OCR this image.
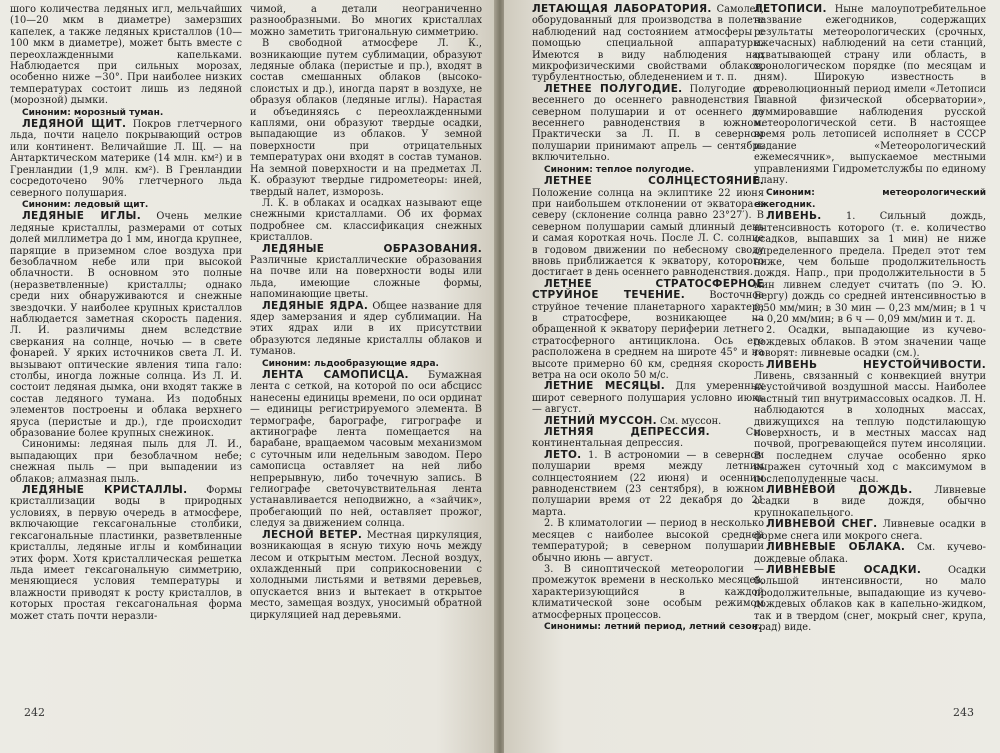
шого количества ледяных игл, мельчайших (10—20 мкм в диаметре) замерзших капелек, а также ледяных кристаллов (10—100 мкм в диаметре), может быть вместе с переохлажденными капельками. Наблюдается при сильных морозах, особенно ниже −30°. При наиболее низких температурах состоит лишь из ледяной (морозной) дымки.

Синоним: морозный туман.

ЛЕДЯНОЙ ЩИТ. Покров глетчерного льда, почти нацело покрывающий остров или континент. Величайшие Л. Щ. — на Антарктическом материке (14 млн. км²) и в Гренландии (1,9 млн. км²). В Гренландии сосредоточено 90% глетчерного льда северного полушария.

Синоним: ледовый щит.

ЛЕДЯНЫЕ ИГЛЫ. Очень мелкие ледяные кристаллы, размерами от сотых долей миллиметра до 1 мм, иногда крупнее, парящие в приземном слое воздуха при безоблачном небе или при высокой облачности. В основном это полные (неразветвленные) кристаллы; однако среди них обнаруживаются и снежные звездочки. У наиболее крупных кристаллов наблюдается заметная скорость падения. Л. И. различимы днем вследствие сверкания на солнце, ночью — в свете фонарей. У ярких источников света Л. И. вызывают оптические явления типа гало: столбы, иногда ложные солнца. Из Л. И. состоит ледяная дымка, они входят также в состав ледяного тумана. Из подобных элементов построены и облака верхнего яруса (перистые и др.), где происходит образование более крупных снежинок.

Синонимы: ледяная пыль для Л. И., выпадающих при безоблачном небе; снежная пыль — при выпадении из облаков; алмазная пыль.

ЛЕДЯНЫЕ КРИСТАЛЛЫ. Формы кристаллизации воды в природных условиях, в первую очередь в атмосфере, включающие гексагональные столбики, гексагональные пластинки, разветвленные кристаллы, ледяные иглы и комбинации этих форм. Хотя кристаллическая решетка льда имеет гексагональную симметрию, меняющиеся условия температуры и влажности приводят к росту кристаллов, в которых простая гексагональная форма может стать почти неразли-

чимой, а детали неограниченно разнообразными. Во многих кристаллах можно заметить тригональную симметрию.

В свободной атмосфере Л. К., возникающие путем сублимации, образуют ледяные облака (перистые и пр.), входят в состав смешанных облаков (высоко-слоистых и др.), иногда парят в воздухе, не образуя облаков (ледяные иглы). Нарастая и объединяясь с переохлажденными каплями, они образуют твердые осадки, выпадающие из облаков. У земной поверхности при отрицательных температурах они входят в состав туманов. На земной поверхности и на предметах Л. К. образуют твердые гидрометеоры: иней, твердый налет, изморозь.

Л. К. в облаках и осадках называют еще снежными кристаллами. Об их формах подробнее см. классификация снежных кристаллов.

ЛЕДЯНЫЕ ОБРАЗОВАНИЯ. Различные кристаллические образования на почве или на поверхности воды или льда, имеющие сложные формы, напоминающие цветы.

ЛЕДЯНЫЕ ЯДРА. Общее название для ядер замерзания и ядер сублимации. На этих ядрах или в их присутствии образуются ледяные кристаллы облаков и туманов.

Синоним: льдообразующие ядра.

ЛЕНТА САМОПИСЦА. Бумажная лента с сеткой, на которой по оси абсцисс нанесены единицы времени, по оси ординат — единицы регистрируемого элемента. В термографе, барографе, гигрографе и актинографе лента помещается на барабане, вращаемом часовым механизмом с суточным или недельным заводом. Перо самописца оставляет на ней либо непрерывную, либо точечную запись. В гелиографе светочувствительная лента устанавливается неподвижно, а «зайчик», пробегающий по ней, оставляет прожог, следуя за движением солнца.

ЛЕСНОЙ ВЕТЕР. Местная циркуляция, возникающая в ясную тихую ночь между лесом и открытым местом. Лесной воздух, охлажденный при соприкосновении с холодными листьями и ветвями деревьев, опускается вниз и вытекает в открытое место, замещая воздух, уносимый обратной циркуляцией над деревьями.

242

ЛЕТАЮЩАЯ ЛАБОРАТОРИЯ. Самолет, оборудованный для производства в полете наблюдений над состоянием атмосферы с помощью специальной аппаратуры. Имеются в виду наблюдения над микрофизическими свойствами облаков, турбулентностью, обледенением и т. п.

ЛЕТНЕЕ ПОЛУГОДИЕ. Полугодие от весеннего до осеннего равноденствия в северном полушарии и от осеннего до весеннего равноденствия в южном. Практически за Л. П. в северном полушарии принимают апрель — сентябрь включительно.

Синоним: теплое полугодие.

ЛЕТНЕЕ СОЛНЦЕСТОЯНИЕ. Положение солнца на эклиптике 22 июня при наибольшем отклонении от экватора к северу (склонение солнца равно 23°27′). В северном полушарии самый длинный день и самая короткая ночь. После Л. С. солнце в годовом движении по небесному своду вновь приближается к экватору, которого достигает в день осеннего равноденствия.

ЛЕТНЕЕ СТРАТОСФЕРНОЕ СТРУЙНОЕ ТЕЧЕНИЕ. Восточное струйное течение планетарного характера в стратосфере, возникающее на обращенной к экватору периферии летнего стратосферного антициклона. Ось его расположена в среднем на широте 45° и на высоте примерно 60 км, средняя скорость ветра на оси около 50 м/с.

ЛЕТНИЕ МЕСЯЦЫ. Для умеренных широт северного полушария условно июнь — август.

ЛЕТНИЙ МУССОН. См. муссон.

ЛЕТНЯЯ ДЕПРЕССИЯ. См. континентальная депрессия.

ЛЕТО. 1. В астрономии — в северном полушарии время между летним солнцестоянием (22 июня) и осенним равноденствием (23 сентября), в южном полушарии время от 22 декабря до 21 марта.

2. В климатологии — период в несколько месяцев с наиболее высокой средней температурой; в северном полушарии обычно июнь — август.

3. В синоптической метеорологии — промежуток времени в несколько месяцев, характеризующийся в каждой климатической зоне особым режимом атмосферных процессов.

Синонимы: летний период, летний сезон.

ЛЕТОПИСИ. Ныне малоупотребительное название ежегодников, содержащих результаты метеорологических (срочных, ежечасных) наблюдений на сети станций, охватывающей страну или область, в хронологическом порядке (по месяцам и дням). Широкую известность в дореволюционный период имели «Летописи Главной физической обсерватории», суммировавшие наблюдения русской метеорологической сети. В настоящее время роль летописей исполняет в СССР издание «Метеорологический ежемесячник», выпускаемое местными управлениями Гидрометслужбы по единому плану.

Синоним: метеорологический ежегодник.

ЛИВЕНЬ. 1. Сильный дождь, интенсивность которого (т. е. количество осадков, выпавших за 1 мин) не ниже определенного предела. Предел этот тем ниже, чем больше продолжительность дождя. Напр., при продолжительности в 5 мин ливнем следует считать (по Э. Ю. Бергу) дождь со средней интенсивностью в 0,50 мм/мин; в 30 мин — 0,23 мм/мин; в 1 ч — 0,20 мм/мин; в 6 ч — 0,09 мм/мин и т. д.

2. Осадки, выпадающие из кучево-дождевых облаков. В этом значении чаще говорят: ливневые осадки (см.).

ЛИВЕНЬ НЕУСТОЙЧИВОСТИ. Ливень, связанный с конвекцией внутри неустойчивой воздушной массы. Наиболее частный тип внутримассовых осадков. Л. Н. наблюдаются в холодных массах, движущихся на теплую подстилающую поверхность, и в местных массах над почвой, прогревающейся путем инсоляции. В последнем случае особенно ярко выражен суточный ход с максимумом в послеполуденные часы.

ЛИВНЕВОЙ ДОЖДЬ. Ливневые осадки в виде дождя, обычно крупнокапельного.

ЛИВНЕВОЙ СНЕГ. Ливневые осадки в форме снега или мокрого снега.

ЛИВНЕВЫЕ ОБЛАКА. См. кучево-дождевые облака.

ЛИВНЕВЫЕ ОСАДКИ. Осадки большой интенсивности, но мало продолжительные, выпадающие из кучево-дождевых облаков как в капельно-жидком, так и в твердом (снег, мокрый снег, крупа, град) виде.

243
